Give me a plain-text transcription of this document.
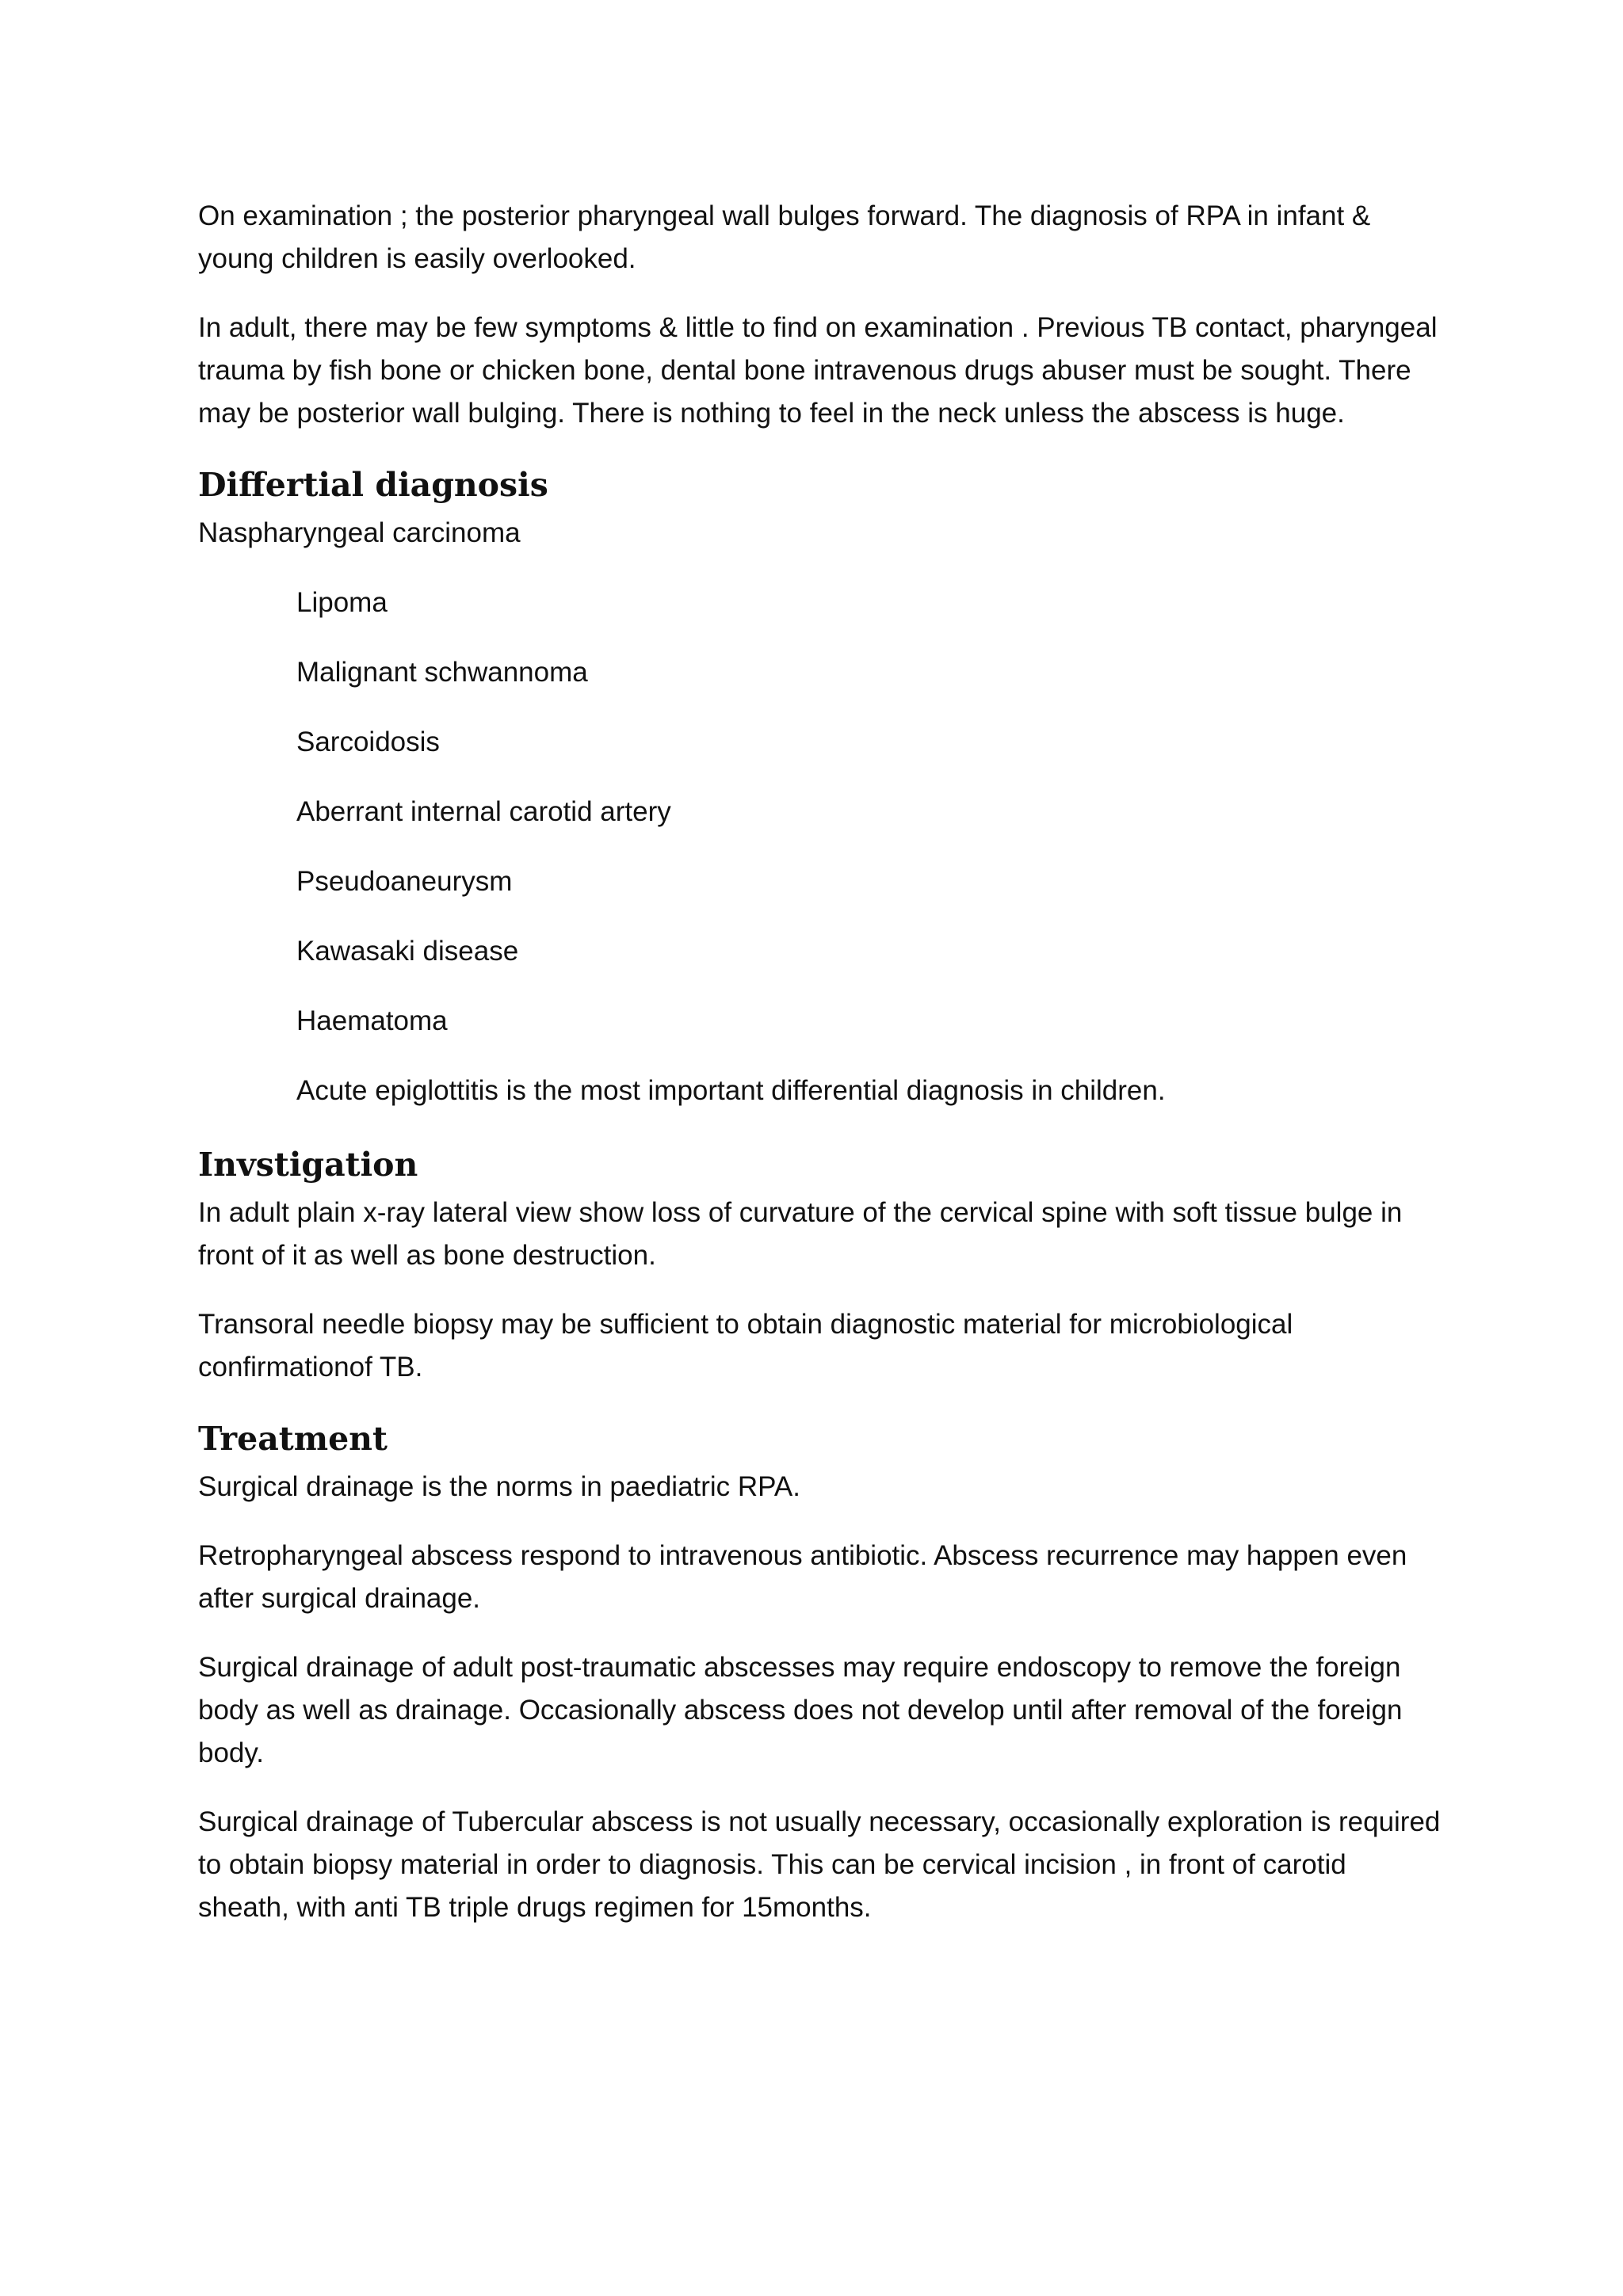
On examination ; the posterior pharyngeal wall bulges forward. The diagnosis of RPA in infant & young children is easily overlooked.

In adult, there may be few symptoms & little to find on examination . Previous TB contact, pharyngeal trauma by fish bone or chicken bone, dental bone intravenous drugs abuser must be sought. There may be posterior wall bulging. There is nothing to feel in the neck unless the abscess is huge.

Differtial diagnosis

Naspharyngeal carcinoma

Lipoma
Malignant schwannoma
Sarcoidosis
Aberrant internal carotid artery
Pseudoaneurysm
Kawasaki disease
Haematoma
Acute epiglottitis is the most important differential diagnosis in children.
Invstigation

In adult plain x-ray lateral view show loss of curvature of the cervical spine with soft tissue bulge in front of it as well as bone destruction.

Transoral needle biopsy may be sufficient to obtain diagnostic material for microbiological confirmationof TB.

Treatment

Surgical drainage is the norms in paediatric RPA.

Retropharyngeal abscess respond to intravenous antibiotic. Abscess recurrence may happen even after surgical drainage.

Surgical drainage of adult post-traumatic abscesses may require endoscopy to remove the foreign body as well as drainage. Occasionally abscess does not develop until after removal of the foreign body.

Surgical drainage of Tubercular abscess is not usually necessary, occasionally exploration is required to obtain biopsy material in order to diagnosis. This can be cervical incision , in front of carotid sheath, with anti TB triple drugs regimen for 15months.
